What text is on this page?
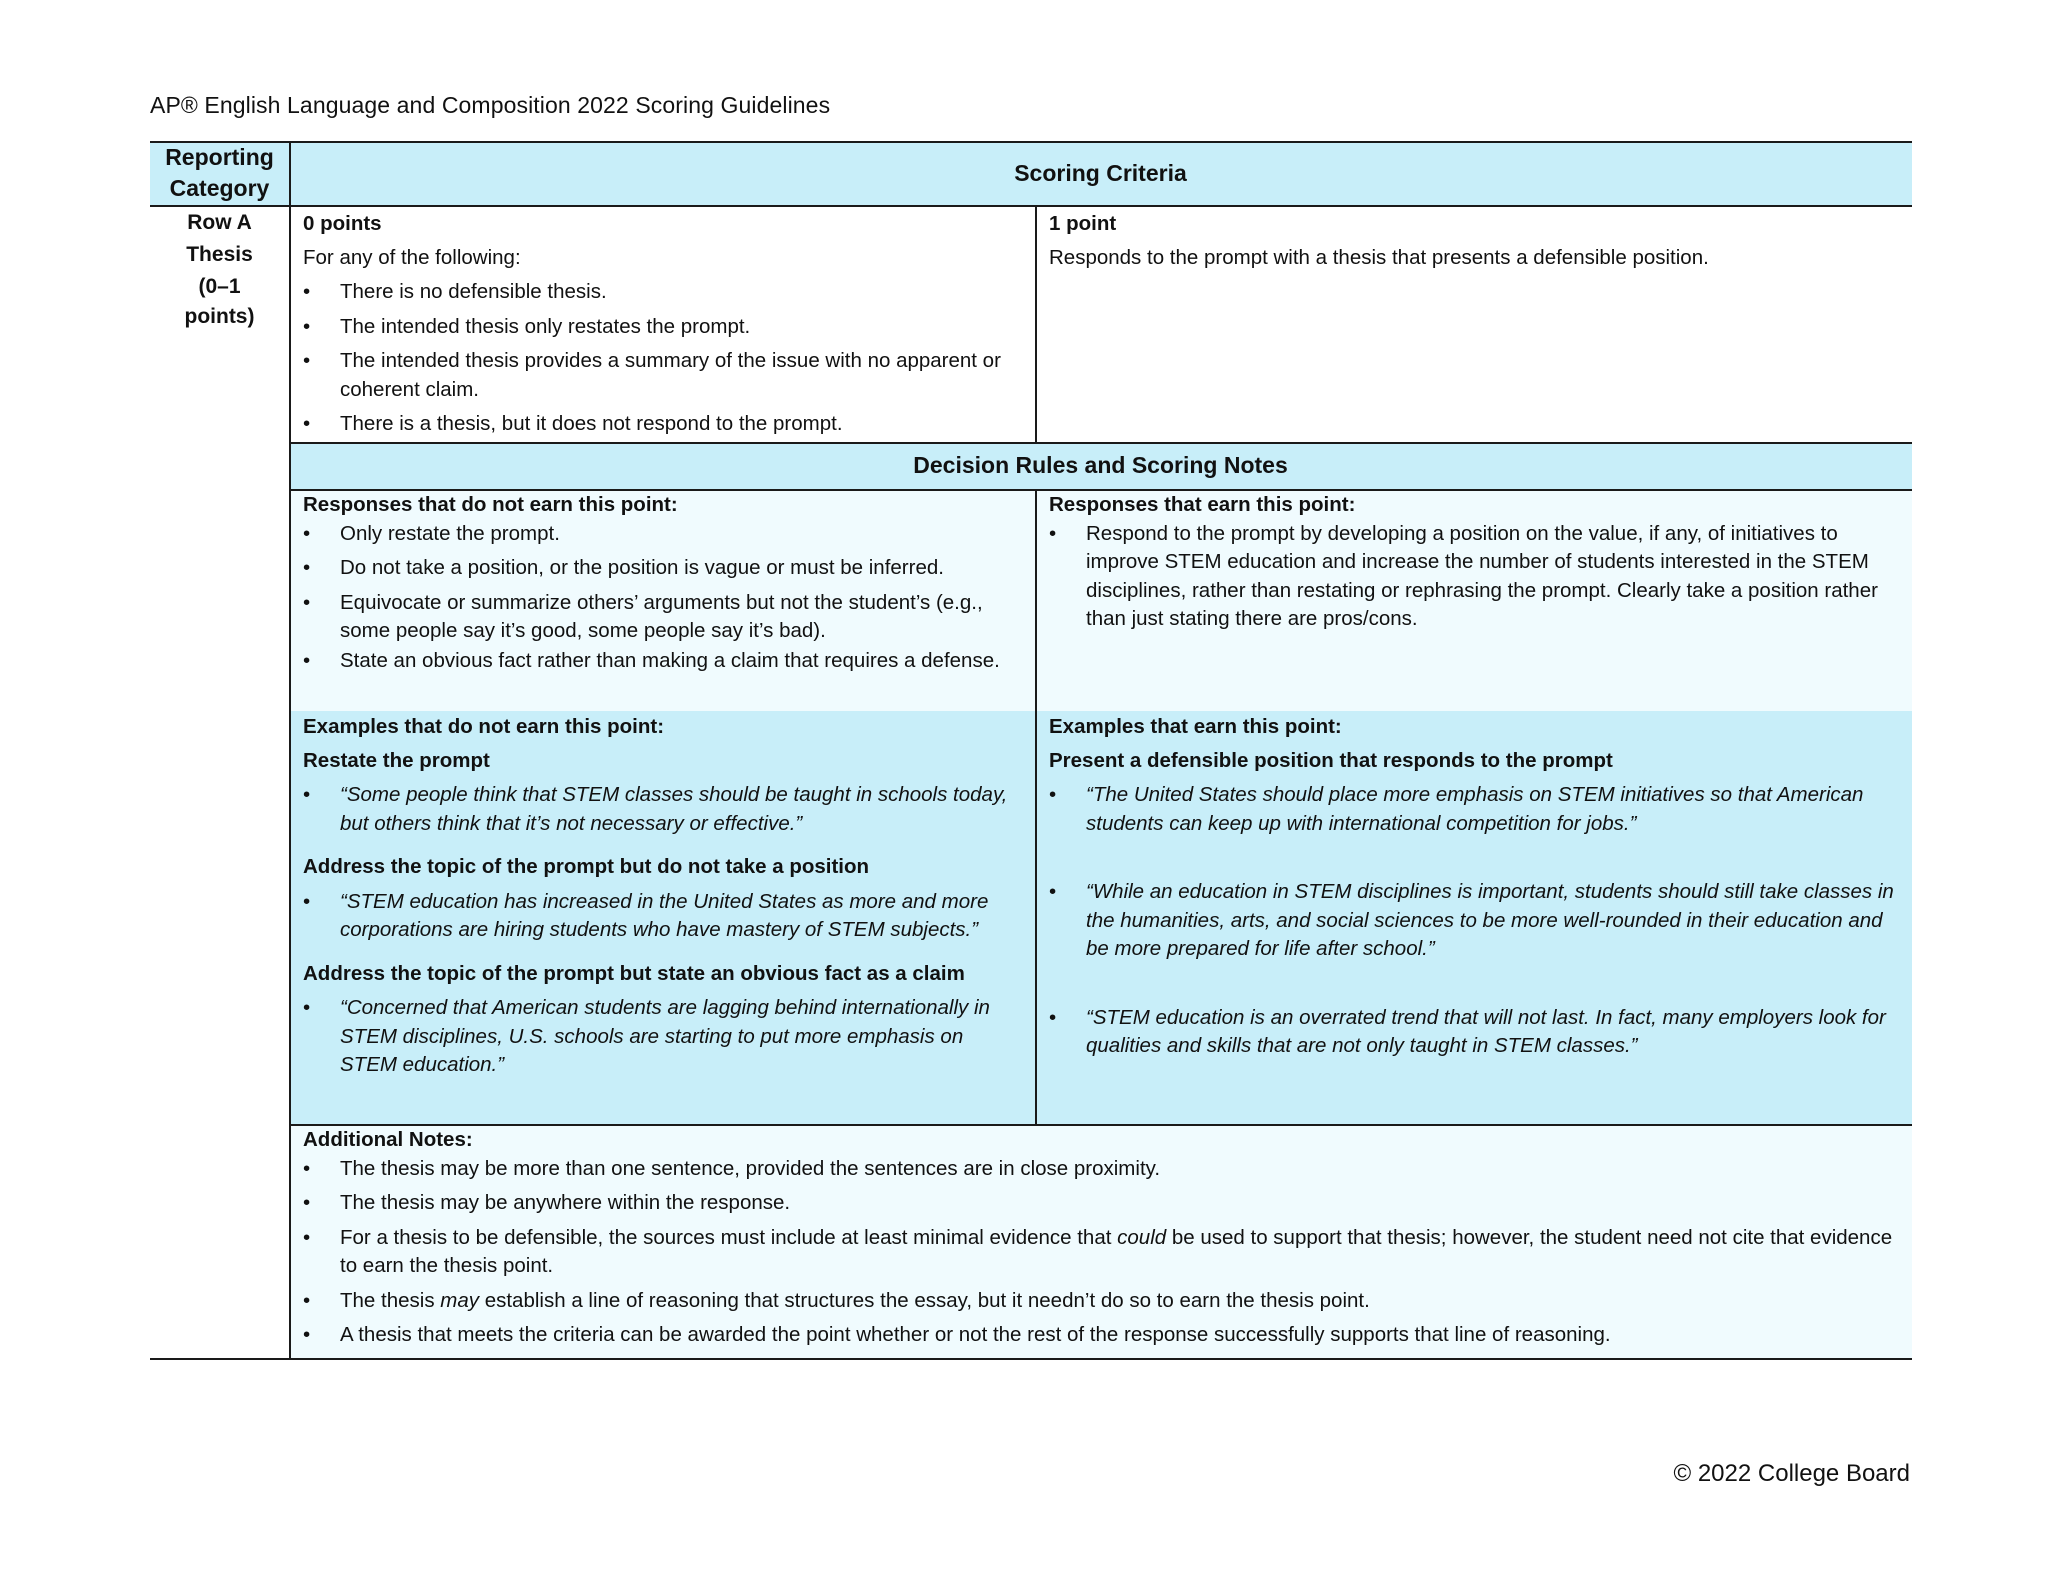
AP® English Language and Composition 2022 Scoring Guidelines
Reporting Category
Scoring Criteria
Row A
Thesis
(0–1
points)
0 points
For any of the following:
• There is no defensible thesis.
• The intended thesis only restates the prompt.
• The intended thesis provides a summary of the issue with no apparent or coherent claim.
• There is a thesis, but it does not respond to the prompt.
1 point
Responds to the prompt with a thesis that presents a defensible position.
Decision Rules and Scoring Notes
Responses that do not earn this point:
• Only restate the prompt.
• Do not take a position, or the position is vague or must be inferred.
• Equivocate or summarize others’ arguments but not the student’s (e.g., some people say it’s good, some people say it’s bad).
• State an obvious fact rather than making a claim that requires a defense.
Responses that earn this point:
• Respond to the prompt by developing a position on the value, if any, of initiatives to improve STEM education and increase the number of students interested in the STEM disciplines, rather than restating or rephrasing the prompt. Clearly take a position rather than just stating there are pros/cons.
Examples that do not earn this point:
Restate the prompt
• “Some people think that STEM classes should be taught in schools today, but others think that it’s not necessary or effective.”
Address the topic of the prompt but do not take a position
• “STEM education has increased in the United States as more and more corporations are hiring students who have mastery of STEM subjects.”
Address the topic of the prompt but state an obvious fact as a claim
• “Concerned that American students are lagging behind internationally in STEM disciplines, U.S. schools are starting to put more emphasis on STEM education.”
Examples that earn this point:
Present a defensible position that responds to the prompt
• “The United States should place more emphasis on STEM initiatives so that American students can keep up with international competition for jobs.”
• “While an education in STEM disciplines is important, students should still take classes in the humanities, arts, and social sciences to be more well-rounded in their education and be more prepared for life after school.”
• “STEM education is an overrated trend that will not last. In fact, many employers look for qualities and skills that are not only taught in STEM classes.”
Additional Notes:
• The thesis may be more than one sentence, provided the sentences are in close proximity.
• The thesis may be anywhere within the response.
• For a thesis to be defensible, the sources must include at least minimal evidence that could be used to support that thesis; however, the student need not cite that evidence to earn the thesis point.
• The thesis may establish a line of reasoning that structures the essay, but it needn’t do so to earn the thesis point.
• A thesis that meets the criteria can be awarded the point whether or not the rest of the response successfully supports that line of reasoning.
© 2022 College Board
